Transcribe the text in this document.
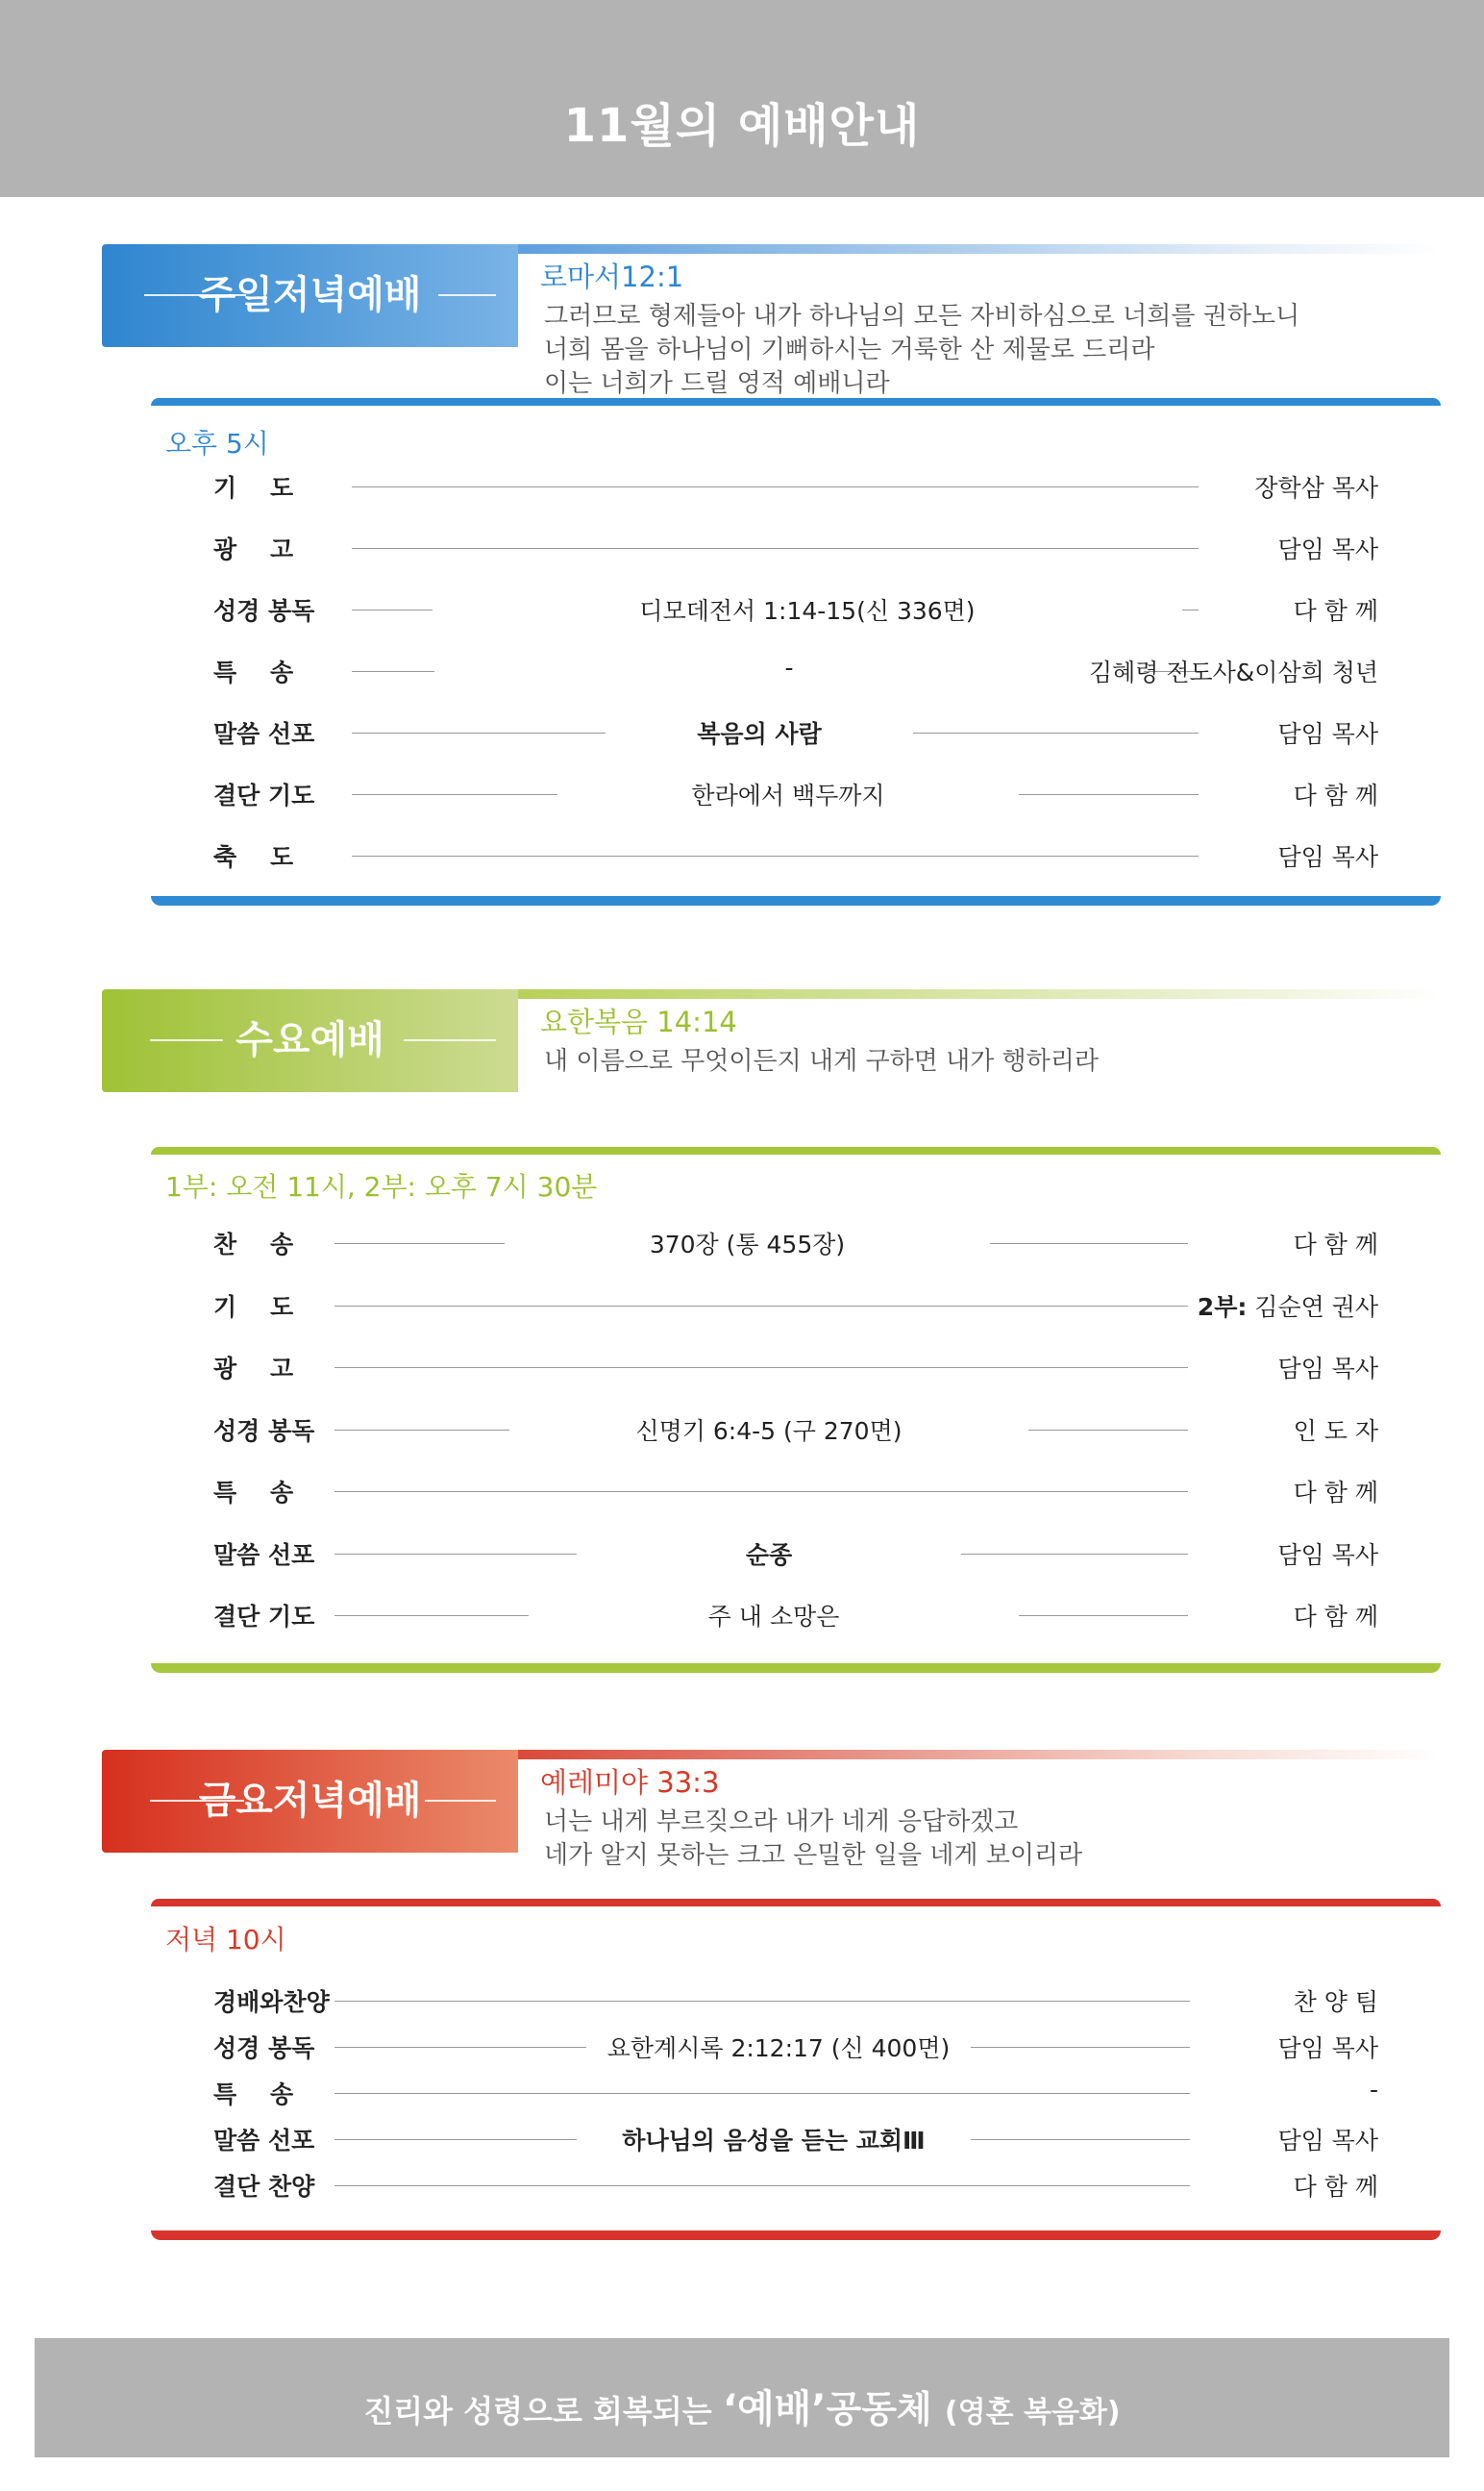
11월의 예배안내
주일저녁예배	로마서12:1
그러므로 형제들아 내가 하나님의 모든 자비하심으로 너희를 권하노니
너희 몸을 하나님이 기뻐하시는 거룩한 산 제물로 드리라
이는 너희가 드릴 영적 예배니라
오후 5시
기    도	장학삼 목사
광    고	담임 목사
성경 봉독	디모데전서 1:14-15(신 336면)	다 함 께
특    송	-	김혜령 전도사&이삼희 청년
말씀 선포	복음의 사람	담임 목사
결단 기도	한라에서 백두까지	다 함 께
축    도	담임 목사
수요예배	요한복음 14:14
내 이름으로 무엇이든지 내게 구하면 내가 행하리라
1부: 오전 11시, 2부: 오후 7시 30분
찬    송	370장 (통 455장)	다 함 께
기    도	2부: 김순연 권사
광    고	담임 목사
성경 봉독	신명기 6:4-5 (구 270면)	인 도 자
특    송	다 함 께
말씀 선포	순종	담임 목사
결단 기도	주 내 소망은	다 함 께
금요저녁예배	예레미야 33:3
너는 내게 부르짖으라 내가 네게 응답하겠고
네가 알지 못하는 크고 은밀한 일을 네게 보이리라
저녁 10시
경배와찬양	찬 양 팀
성경 봉독	요한계시록 2:12:17 (신 400면)	담임 목사
특    송	-
말씀 선포	하나님의 음성을 듣는 교회Ⅲ	담임 목사
결단 찬양	다 함 께
진리와 성령으로 회복되는 ‘예배’공동체 (영혼 복음화)
